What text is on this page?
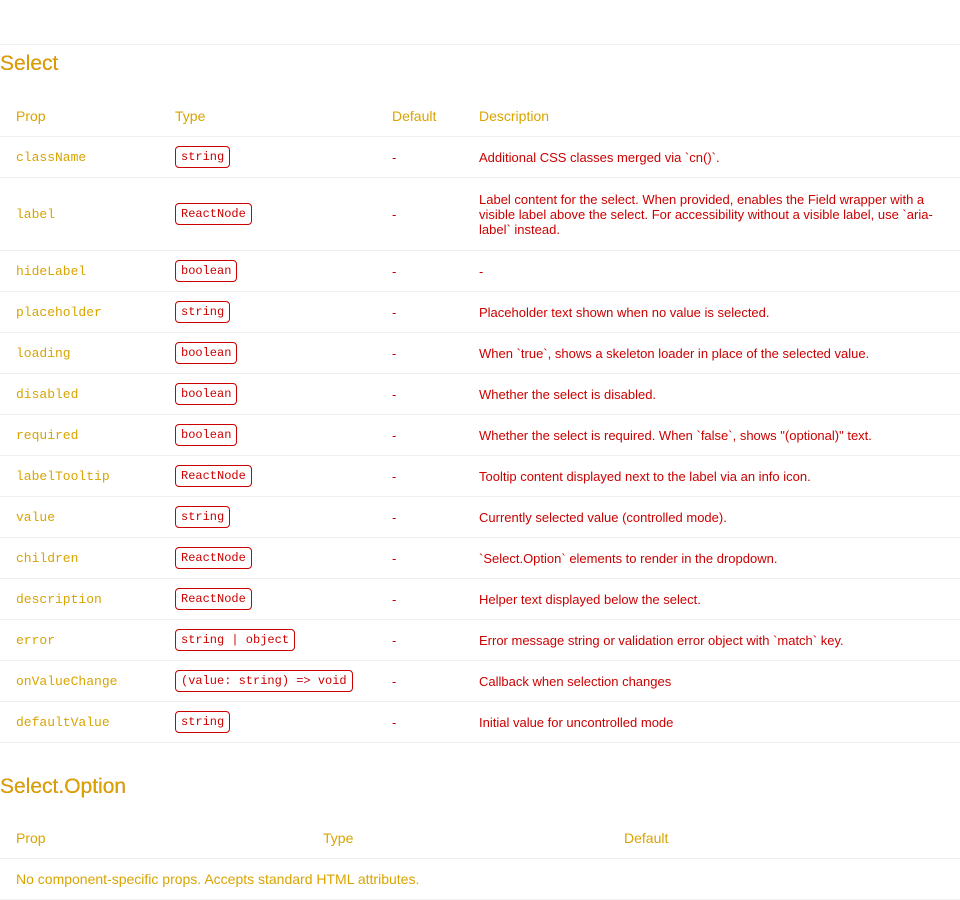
Select
Prop	Type	Default	Description
className	string	-	Additional CSS classes merged via `cn()`.
label	ReactNode	-	Label content for the select. When provided, enables the Field wrapper with a visible label above the select. For accessibility without a visible label, use `aria-label` instead.
hideLabel	boolean	-	-
placeholder	string	-	Placeholder text shown when no value is selected.
loading	boolean	-	When `true`, shows a skeleton loader in place of the selected value.
disabled	boolean	-	Whether the select is disabled.
required	boolean	-	Whether the select is required. When `false`, shows "(optional)" text.
labelTooltip	ReactNode	-	Tooltip content displayed next to the label via an info icon.
value	string	-	Currently selected value (controlled mode).
children	ReactNode	-	`Select.Option` elements to render in the dropdown.
description	ReactNode	-	Helper text displayed below the select.
error	string | object	-	Error message string or validation error object with `match` key.
onValueChange	(value: string) => void	-	Callback when selection changes
defaultValue	string	-	Initial value for uncontrolled mode
Select.Option
Prop	Type	Default
No component-specific props. Accepts standard HTML attributes.
